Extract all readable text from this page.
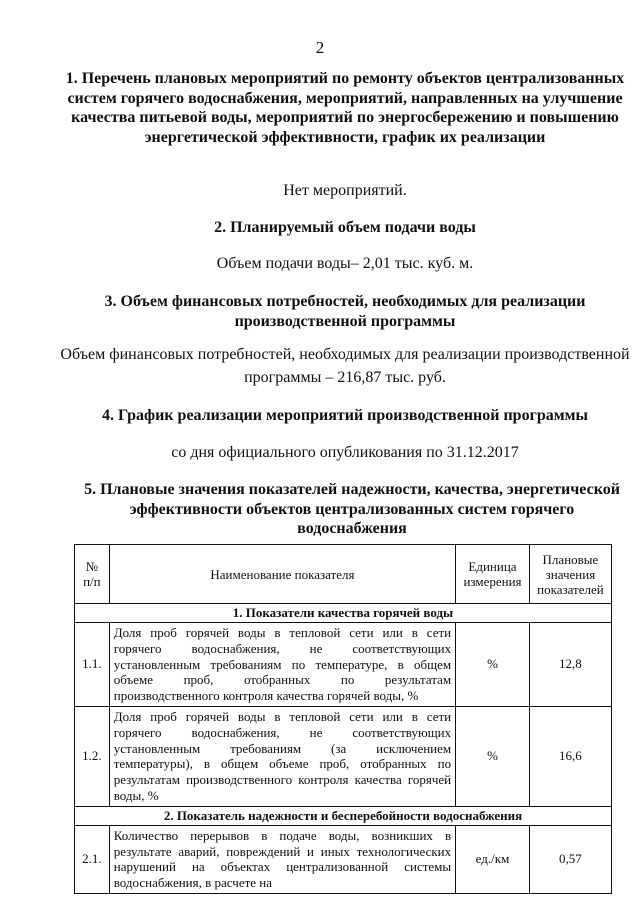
2
1. Перечень плановых мероприятий по ремонту объектов централизованных систем горячего водоснабжения, мероприятий, направленных на улучшение качества питьевой воды, мероприятий по энергосбережению и повышению энергетической эффективности, график их реализации
Нет мероприятий.
2. Планируемый объем подачи воды
Объем подачи воды– 2,01 тыс. куб. м.
3. Объем финансовых потребностей, необходимых для реализации производственной программы
Объем финансовых потребностей, необходимых для реализации производственной программы – 216,87 тыс. руб.
4. График реализации мероприятий производственной программы
со дня официального опубликования по 31.12.2017
5. Плановые значения показателей надежности, качества, энергетической эффективности объектов централизованных систем горячего водоснабжения
№ п/п	Наименование показателя	Единица измерения	Плановые значения показателей
1. Показатели качества горячей воды			
1.1.	Доля проб горячей воды в тепловой сети или в сети горячего водоснабжения, не соответствующих установленным требованиям по температуре, в общем объеме проб, отобранных по результатам производственного контроля качества горячей воды, %	%	12,8
1.2.	Доля проб горячей воды в тепловой сети или в сети горячего водоснабжения, не соответствующих установленным требованиям (за исключением температуры), в общем объеме проб, отобранных по результатам производственного контроля качества горячей воды, %	%	16,6
2. Показатель надежности и бесперебойности водоснабжения			
2.1.	Количество перерывов в подаче воды, возникших в результате аварий, повреждений и иных технологических нарушений на объектах централизованной системы водоснабжения, в расчете на	ед./км	0,57
